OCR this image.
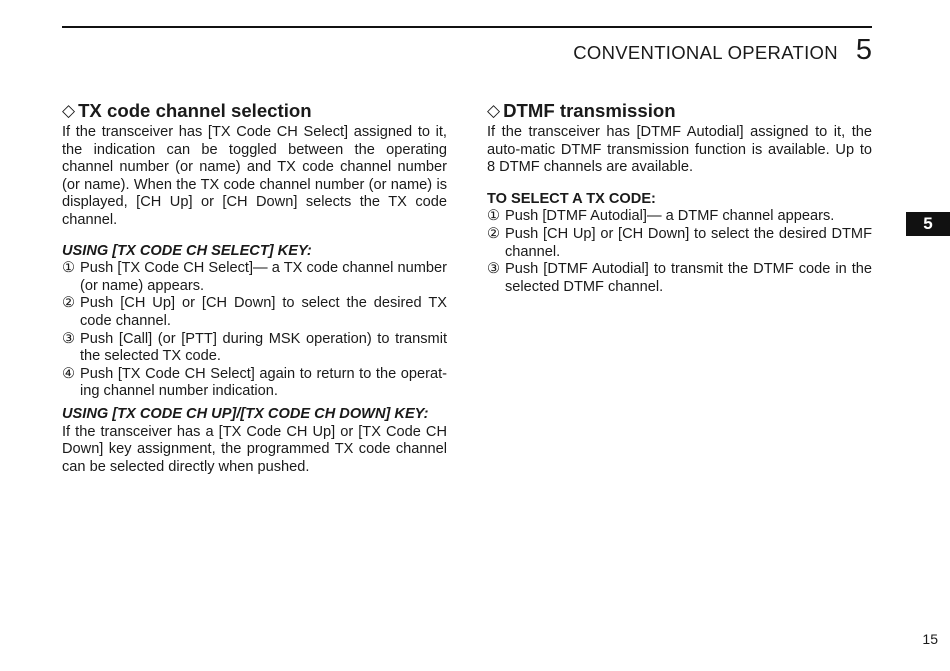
CONVENTIONAL OPERATION 5
◇ TX code channel selection

If the transceiver has [TX Code CH Select] assigned to it, the indication can be toggled between the operating channel number (or name) and TX code channel number (or name). When the TX code channel number (or name) is displayed, [CH Up] or [CH Down] selects the TX code channel.

USING [TX CODE CH SELECT] KEY:
① Push [TX Code CH Select]— a TX code channel number (or name) appears.
② Push [CH Up] or [CH Down] to select the desired TX code channel.
③ Push [Call] (or [PTT] during MSK operation) to transmit the selected TX code.
④ Push [TX Code CH Select] again to return to the operat-ing channel number indication.
USING [TX CODE CH UP]/[TX CODE CH DOWN] KEY:

If the transceiver has a [TX Code CH Up] or [TX Code CH Down] key assignment, the programmed TX code channel can be selected directly when pushed.

◇ DTMF transmission

If the transceiver has [DTMF Autodial] assigned to it, the auto-matic DTMF transmission function is available. Up to 8 DTMF channels are available.

TO SELECT A TX CODE:
① Push [DTMF Autodial]— a DTMF channel appears.
② Push [CH Up] or [CH Down] to select the desired DTMF channel.
③ Push [DTMF Autodial] to transmit the DTMF code in the selected DTMF channel.
5
15
